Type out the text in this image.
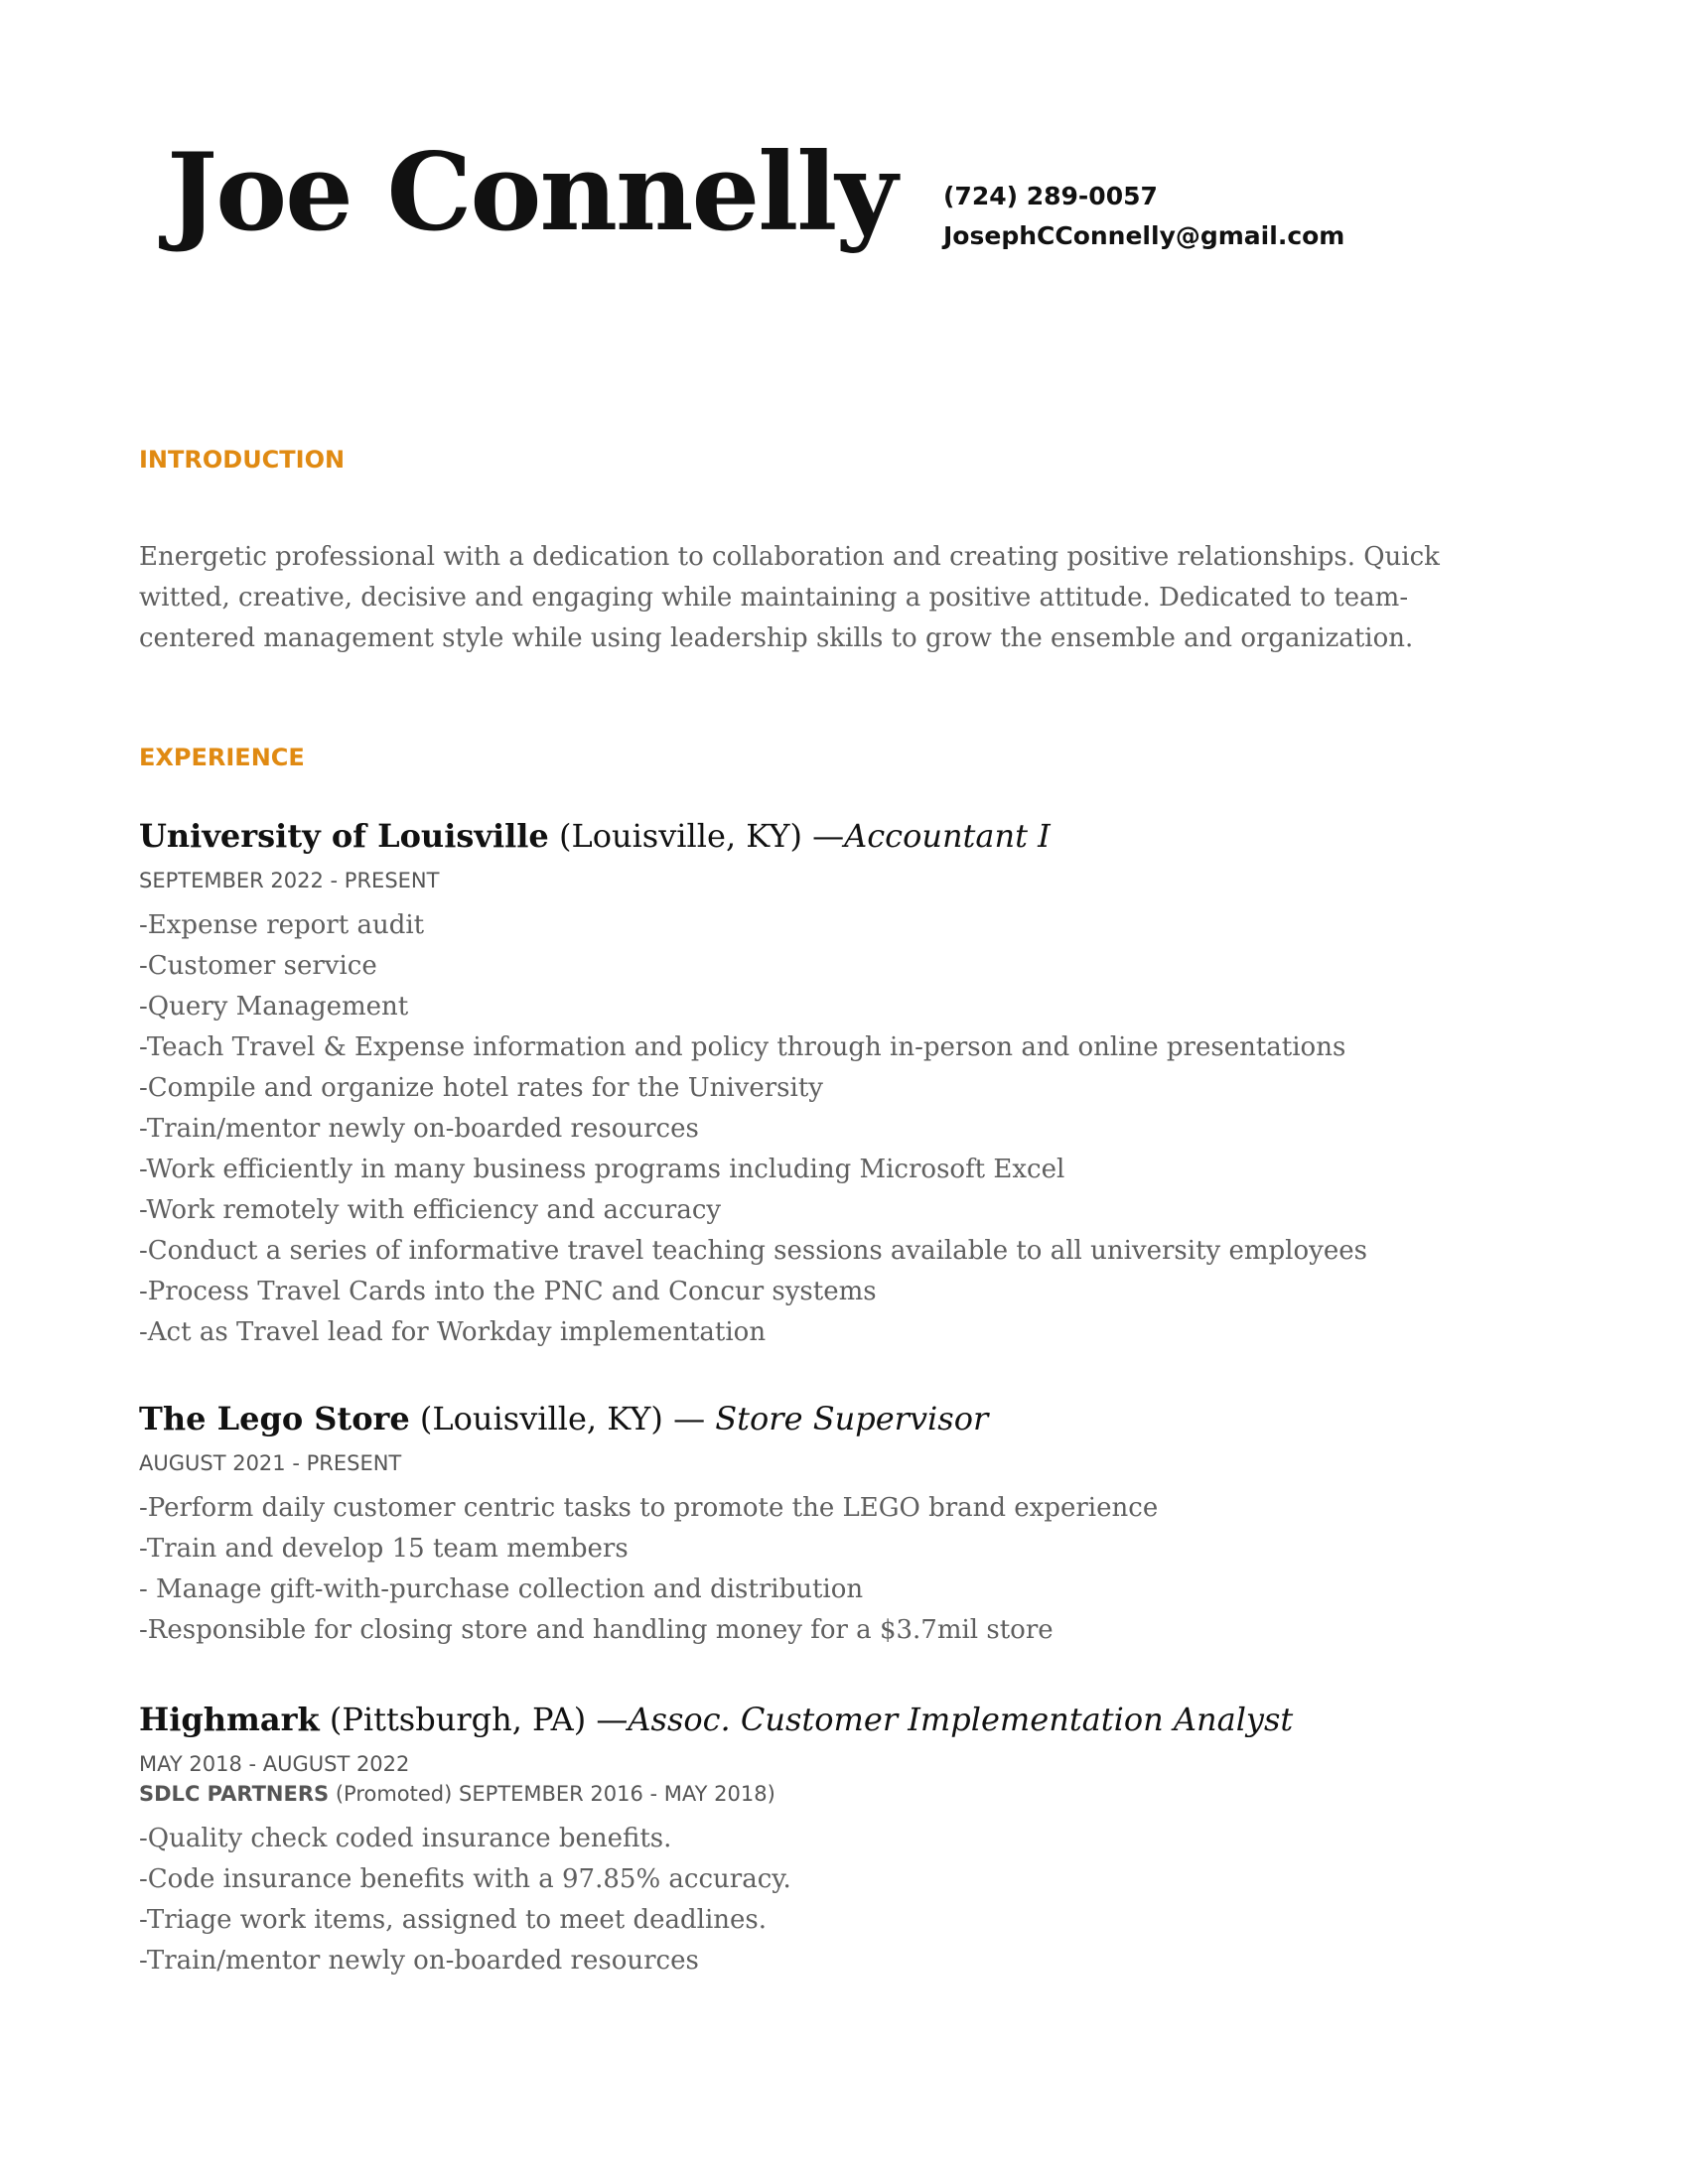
Joe Connelly (724) 289-0057
JosephCConnelly@gmail.com
INTRODUCTION
Energetic professional with a dedication to collaboration and creating positive relationships. Quick witted, creative, decisive and engaging while maintaining a positive attitude. Dedicated to team-centered management style while using leadership skills to grow the ensemble and organization.
EXPERIENCE
University of Louisville (Louisville, KY) —Accountant I
SEPTEMBER 2022 - PRESENT
-Expense report audit
-Customer service
-Query Management
-Teach Travel & Expense information and policy through in-person and online presentations
-Compile and organize hotel rates for the University
-Train/mentor newly on-boarded resources
-Work efficiently in many business programs including Microsoft Excel
-Work remotely with efficiency and accuracy
-Conduct a series of informative travel teaching sessions available to all university employees
-Process Travel Cards into the PNC and Concur systems
-Act as Travel lead for Workday implementation
The Lego Store (Louisville, KY) — Store Supervisor
AUGUST 2021 - PRESENT
-Perform daily customer centric tasks to promote the LEGO brand experience
-Train and develop 15 team members
- Manage gift-with-purchase collection and distribution
-Responsible for closing store and handling money for a $3.7mil store
Highmark (Pittsburgh, PA) —Assoc. Customer Implementation Analyst
MAY 2018 - AUGUST 2022
SDLC PARTNERS (Promoted) SEPTEMBER 2016 - MAY 2018)
-Quality check coded insurance benefits.
-Code insurance benefits with a 97.85% accuracy.
-Triage work items, assigned to meet deadlines.
-Train/mentor newly on-boarded resources
